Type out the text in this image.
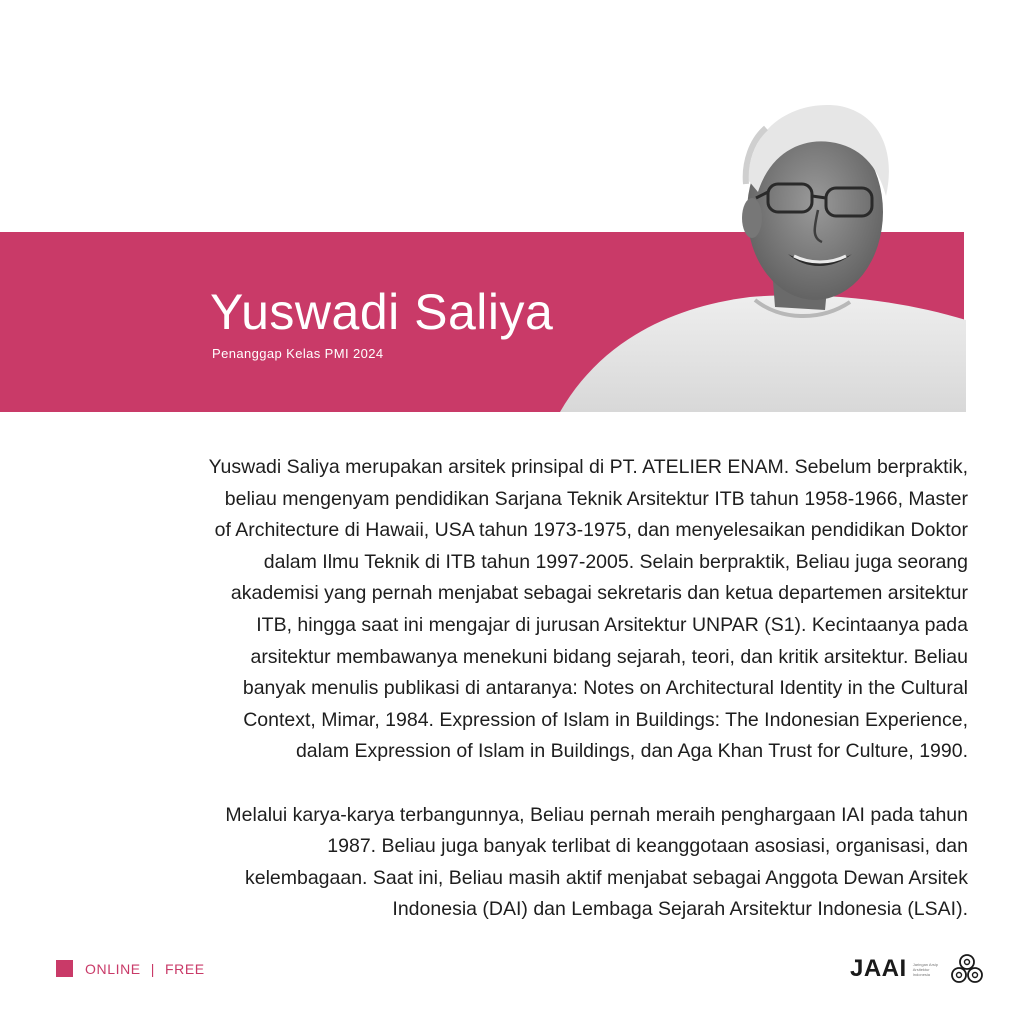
Yuswadi Saliya
Penanggap Kelas PMI 2024

Yuswadi Saliya merupakan arsitek prinsipal di PT. ATELIER ENAM. Sebelum berpraktik,
beliau mengenyam pendidikan Sarjana Teknik Arsitektur ITB tahun 1958-1966, Master
of Architecture di Hawaii, USA tahun 1973-1975, dan menyelesaikan pendidikan Doktor
dalam Ilmu Teknik di ITB tahun 1997-2005. Selain berpraktik, Beliau juga seorang
akademisi yang pernah menjabat sebagai sekretaris dan ketua departemen arsitektur
ITB, hingga saat ini mengajar di jurusan Arsitektur UNPAR (S1). Kecintaanya pada
arsitektur membawanya menekuni bidang sejarah, teori, dan kritik arsitektur. Beliau
banyak menulis publikasi di antaranya: Notes on Architectural Identity in the Cultural
Context, Mimar, 1984. Expression of Islam in Buildings: The Indonesian Experience,
dalam Expression of Islam in Buildings, dan Aga Khan Trust for Culture, 1990.

Melalui karya-karya terbangunnya, Beliau pernah meraih penghargaan IAI pada tahun
1987. Beliau juga banyak terlibat di keanggotaan asosiasi, organisasi, dan
kelembagaan. Saat ini, Beliau masih aktif menjabat sebagai Anggota Dewan Arsitek
Indonesia (DAI) dan Lembaga Sejarah Arsitektur Indonesia (LSAI).

ONLINE | FREE	JAAI Jaringan Arsip Arsitektur Indonesia
